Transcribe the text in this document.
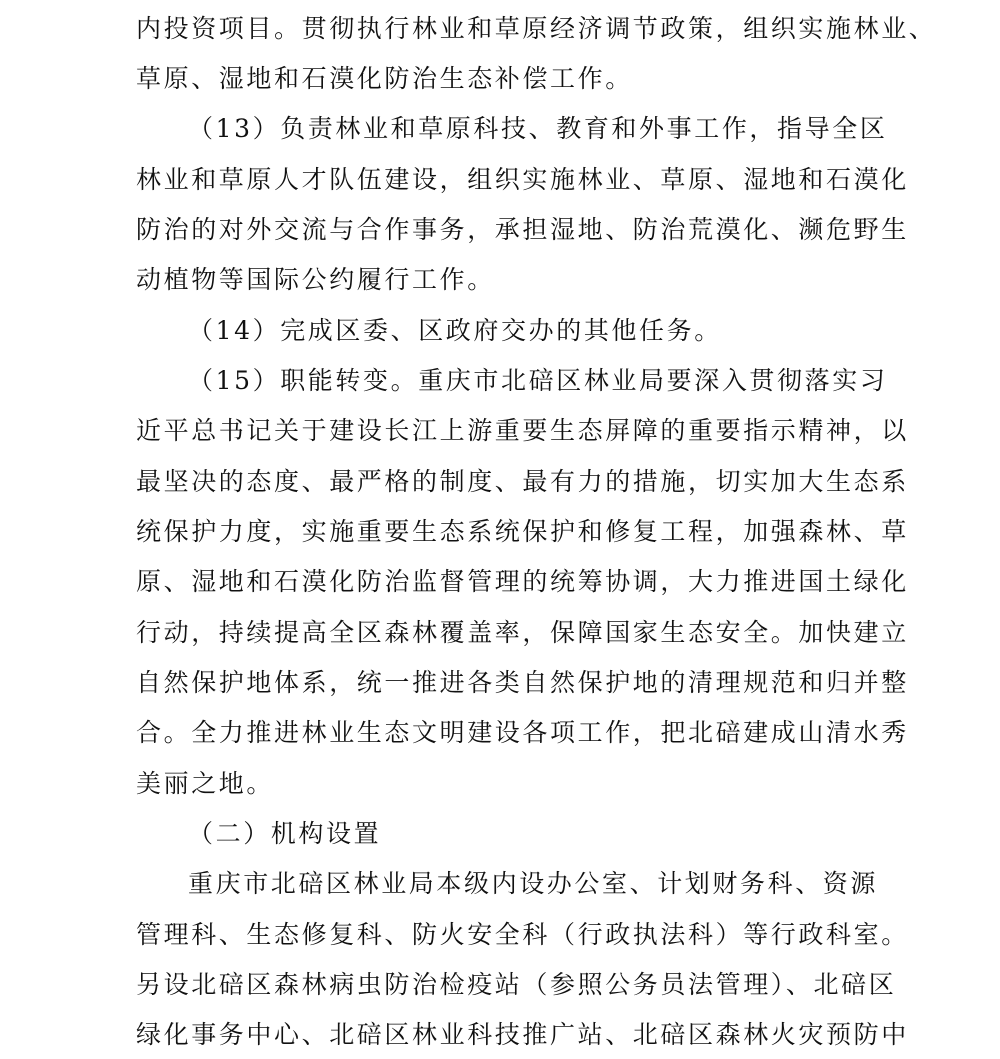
内投资项目。贯彻执行林业和草原经济调节政策，组织实施林业、
草原、湿地和石漠化防治生态补偿工作。
（13）负责林业和草原科技、教育和外事工作，指导全区
林业和草原人才队伍建设，组织实施林业、草原、湿地和石漠化
防治的对外交流与合作事务，承担湿地、防治荒漠化、濒危野生
动植物等国际公约履行工作。
（14）完成区委、区政府交办的其他任务。
（15）职能转变。重庆市北碚区林业局要深入贯彻落实习
近平总书记关于建设长江上游重要生态屏障的重要指示精神，以
最坚决的态度、最严格的制度、最有力的措施，切实加大生态系
统保护力度，实施重要生态系统保护和修复工程，加强森林、草
原、湿地和石漠化防治监督管理的统筹协调，大力推进国土绿化
行动，持续提高全区森林覆盖率，保障国家生态安全。加快建立
自然保护地体系，统一推进各类自然保护地的清理规范和归并整
合。全力推进林业生态文明建设各项工作，把北碚建成山清水秀
美丽之地。
（二）机构设置
重庆市北碚区林业局本级内设办公室、计划财务科、资源
管理科、生态修复科、防火安全科（行政执法科）等行政科室。
另设北碚区森林病虫防治检疫站（参照公务员法管理）、北碚区
绿化事务中心、北碚区林业科技推广站、北碚区森林火灾预防中
